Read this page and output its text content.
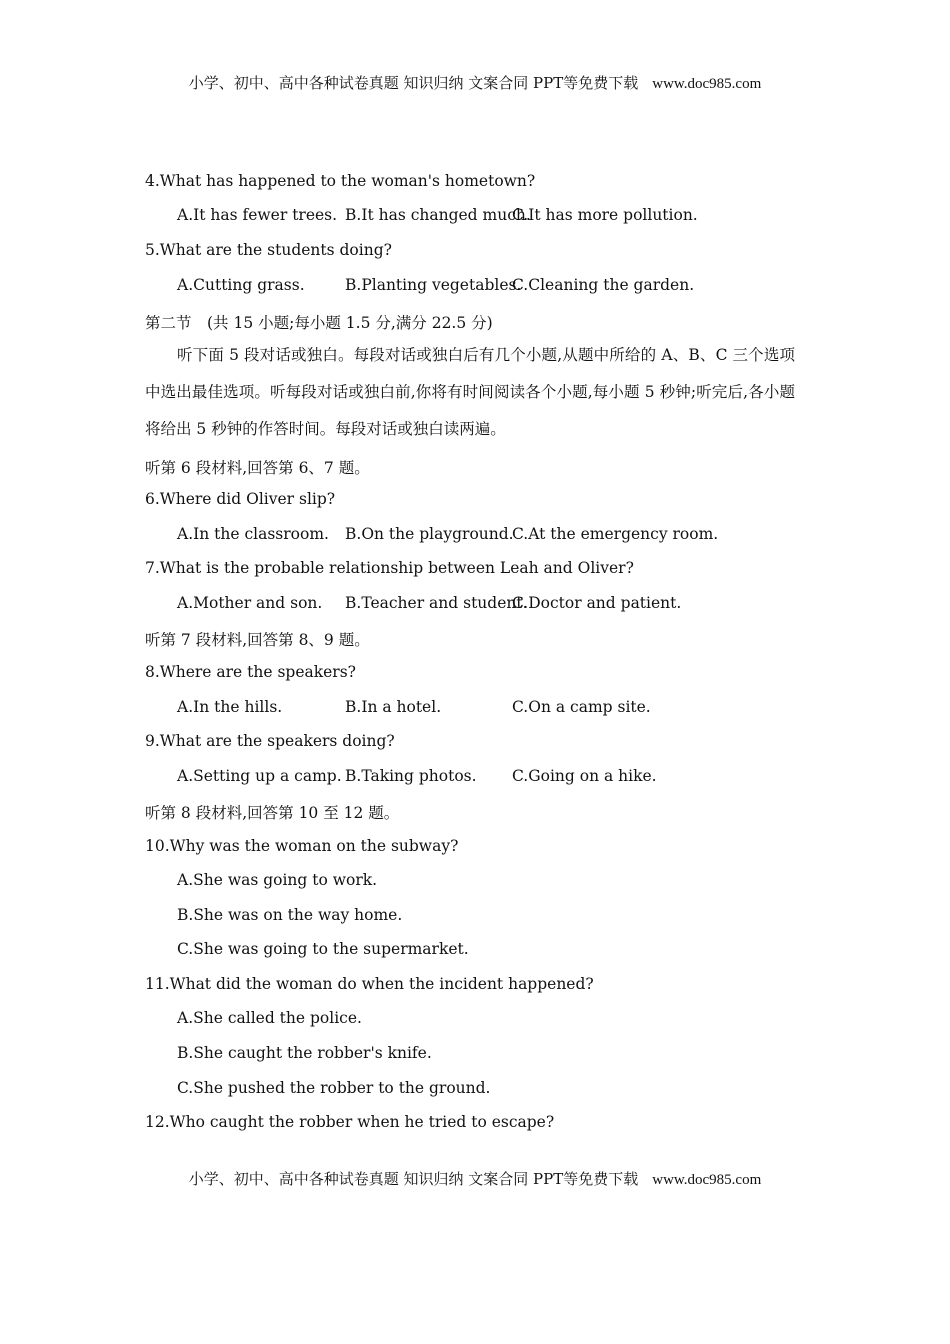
小学、初中、高中各种试卷真题 知识归纳 文案合同 PPT等免费下载 www.doc985.com
4.What has happened to the woman's hometown?
A.It has fewer trees. B.It has changed much.
C.It has more pollution.
5.What are the students doing?
A.Cutting grass.	B.Planting vegetables.
C.Cleaning the garden.
第二节　(共 15 小题;每小题 1.5 分,满分 22.5 分)
听下面 5 段对话或独白。每段对话或独白后有几个小题,从题中所给的 A、B、C 三个选项中选出最佳选项。听每段对话或独白前,你将有时间阅读各个小题,每小题 5 秒钟;听完后,各小题将给出 5 秒钟的作答时间。每段对话或独白读两遍。
听第 6 段材料,回答第 6、7 题。
6.Where did Oliver slip?
A.In the classroom. B.On the playground.
C.At the emergency room.
7.What is the probable relationship between Leah and Oliver?
A.Mother and son. B.Teacher and student.
C.Doctor and patient.
听第 7 段材料,回答第 8、9 题。
8.Where are the speakers?
A.In the hills.	B.In a hotel.	C.On a camp site.
9.What are the speakers doing?
A.Setting up a camp. B.Taking photos. C.Going on a hike.
听第 8 段材料,回答第 10 至 12 题。
10.Why was the woman on the subway?
A.She was going to work.
B.She was on the way home.
C.She was going to the supermarket.
11.What did the woman do when the incident happened?
A.She called the police.
B.She caught the robber's knife.
C.She pushed the robber to the ground.
12.Who caught the robber when he tried to escape?
小学、初中、高中各种试卷真题 知识归纳 文案合同 PPT等免费下载 www.doc985.com
